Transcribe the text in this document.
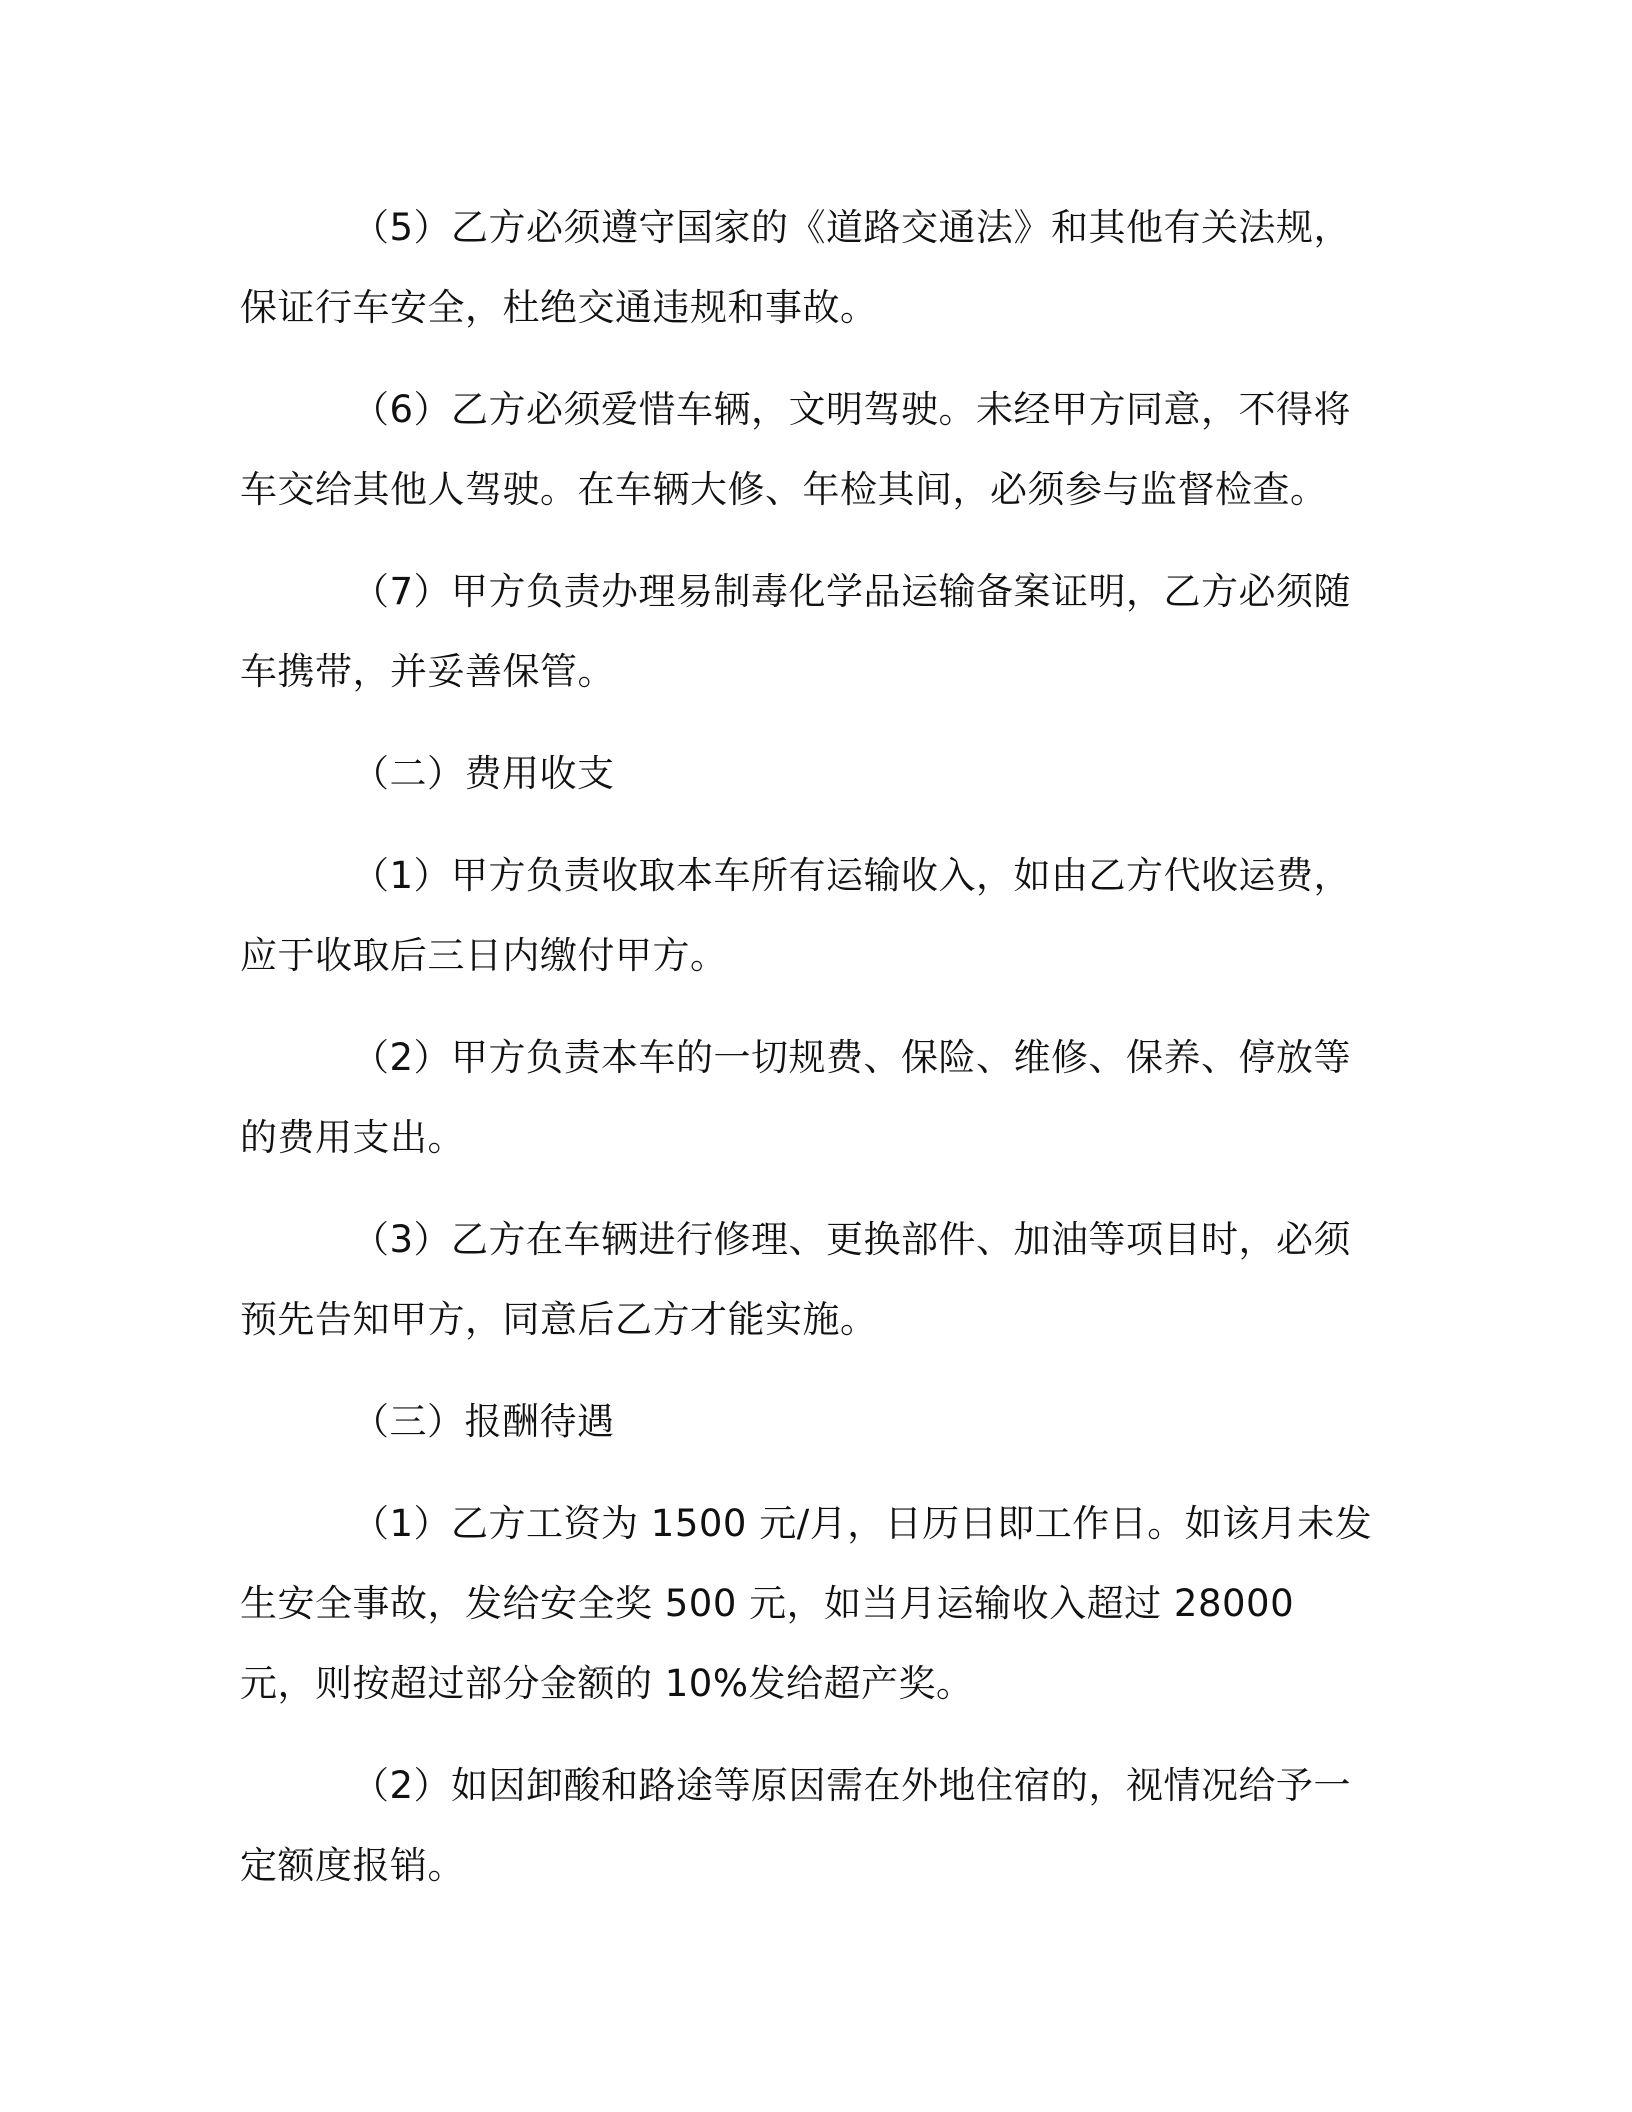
（5）乙方必须遵守国家的《道路交通法》和其他有关法规，保证行车安全，杜绝交通违规和事故。

（6）乙方必须爱惜车辆，文明驾驶。未经甲方同意，不得将车交给其他人驾驶。在车辆大修、年检其间，必须参与监督检查。

（7）甲方负责办理易制毒化学品运输备案证明，乙方必须随车携带，并妥善保管。

（二）费用收支

（1）甲方负责收取本车所有运输收入，如由乙方代收运费，应于收取后三日内缴付甲方。

（2）甲方负责本车的一切规费、保险、维修、保养、停放等的费用支出。

（3）乙方在车辆进行修理、更换部件、加油等项目时，必须预先告知甲方，同意后乙方才能实施。

（三）报酬待遇

（1）乙方工资为 1500 元/月，日历日即工作日。如该月未发生安全事故，发给安全奖 500 元，如当月运输收入超过 28000 元，则按超过部分金额的 10%发给超产奖。

（2）如因卸酸和路途等原因需在外地住宿的，视情况给予一定额度报销。
